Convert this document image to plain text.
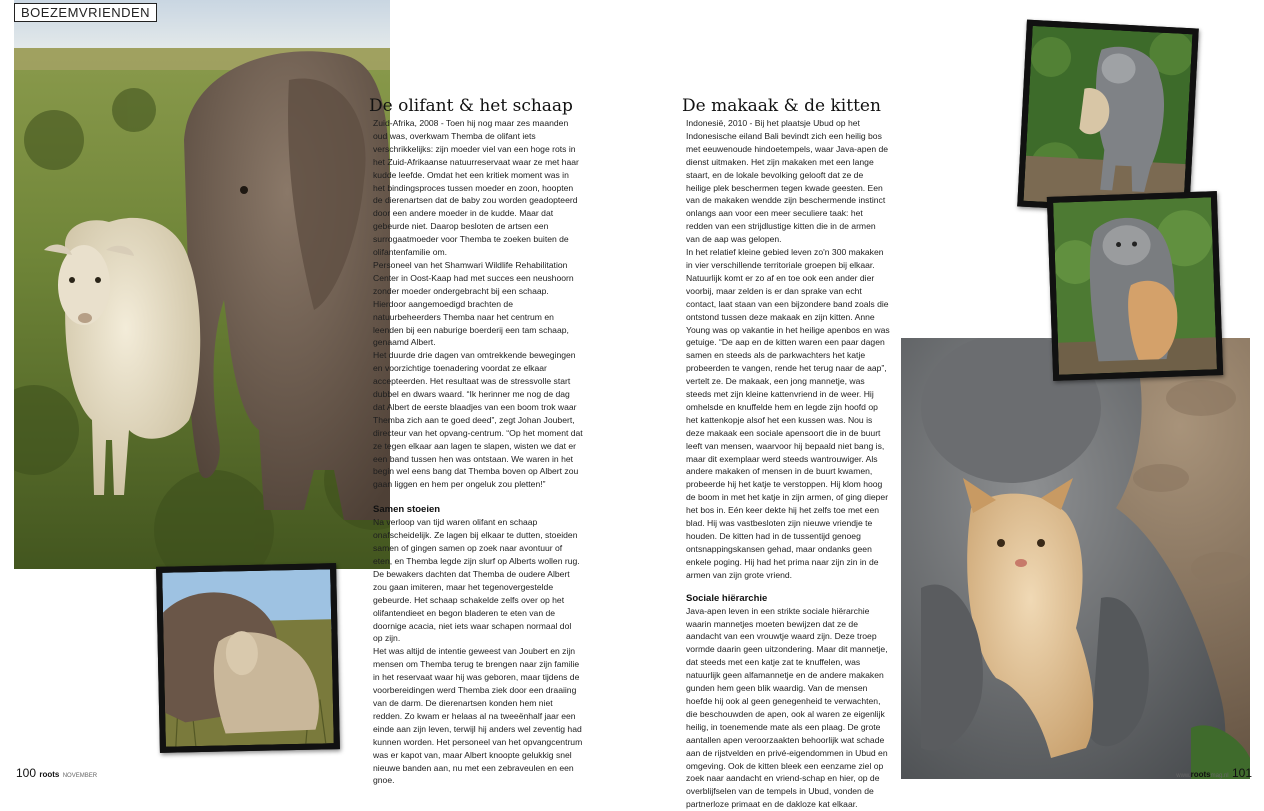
BOEZEMVRIENDEN
De olifant & het schaap

Zuid-Afrika, 2008 - Toen hij nog maar zes maanden oud was, overkwam Themba de olifant iets verschrikkelijks: zijn moeder viel van een hoge rots in het Zuid-Afrikaanse natuurreservaat waar ze met haar kudde leefde. Omdat het een kritiek moment was in het bindingsproces tussen moeder en zoon, hoopten de dierenartsen dat de baby zou worden geadopteerd door een andere moeder in de kudde. Maar dat gebeurde niet. Daarop besloten de artsen een surrogaatmoeder voor Themba te zoeken buiten de olifantenfamilie om.

Personeel van het Shamwari Wildlife Rehabilitation Center in Oost-Kaap had met succes een neushoorn zonder moeder ondergebracht bij een schaap. Hierdoor aangemoedigd brachten de natuurbeheerders Themba naar het centrum en leenden bij een naburige boerderij een tam schaap, genaamd Albert.

Het duurde drie dagen van omtrekkende bewegingen en voorzichtige toenadering voordat ze elkaar accepteerden. Het resultaat was de stressvolle start dubbel en dwars waard. “Ik herinner me nog de dag dat Albert de eerste blaadjes van een boom trok waar Themba zich aan te goed deed”, zegt Johan Joubert, directeur van het opvang-centrum. “Op het moment dat ze tegen elkaar aan lagen te slapen, wisten we dat er een band tussen hen was ontstaan. We waren in het begin wel eens bang dat Themba boven op Albert zou gaan liggen en hem per ongeluk zou pletten!”

Samen stoeien

Na verloop van tijd waren olifant en schaap onafscheidelijk. Ze lagen bij elkaar te dutten, stoeiden samen of gingen samen op zoek naar avontuur of eten, en Themba legde zijn slurf op Alberts wollen rug. De bewakers dachten dat Themba de oudere Albert zou gaan imiteren, maar het tegenovergestelde gebeurde. Het schaap schakelde zelfs over op het olifantendieet en begon bladeren te eten van de doornige acacia, niet iets waar schapen normaal dol op zijn.

Het was altijd de intentie geweest van Joubert en zijn mensen om Themba terug te brengen naar zijn familie in het reservaat waar hij was geboren, maar tijdens de voorbereidingen werd Themba ziek door een draaiing van de darm. De dierenartsen konden hem niet redden. Zo kwam er helaas al na tweeënhalf jaar een einde aan zijn leven, terwijl hij anders wel zeventig had kunnen worden. Het personeel van het opvangcentrum was er kapot van, maar Albert knoopte gelukkig snel nieuwe banden aan, nu met een zebraveulen en een gnoe.

De makaak & de kitten

Indonesië, 2010 - Bij het plaatsje Ubud op het Indonesische eiland Bali bevindt zich een heilig bos met eeuwenoude hindoetempels, waar Java-apen de dienst uitmaken. Het zijn makaken met een lange staart, en de lokale bevolking gelooft dat ze de heilige plek beschermen tegen kwade geesten. Een van de makaken wendde zijn beschermende instinct onlangs aan voor een meer seculiere taak: het redden van een strijdlustige kitten die in de armen van de aap was gelopen.

In het relatief kleine gebied leven zo'n 300 makaken in vier verschillende territoriale groepen bij elkaar. Natuurlijk komt er zo af en toe ook een ander dier voorbij, maar zelden is er dan sprake van echt contact, laat staan van een bijzondere band zoals die ontstond tussen deze makaak en zijn kitten. Anne Young was op vakantie in het heilige apenbos en was getuige. “De aap en de kitten waren een paar dagen samen en steeds als de parkwachters het katje probeerden te vangen, rende het terug naar de aap”, vertelt ze. De makaak, een jong mannetje, was steeds met zijn kleine kattenvriend in de weer. Hij omhelsde en knuffelde hem en legde zijn hoofd op het kattenkopje alsof het een kussen was. Nou is deze makaak een sociale apensoort die in de buurt leeft van mensen, waarvoor hij bepaald niet bang is, maar dit exemplaar werd steeds wantrouwiger. Als andere makaken of mensen in de buurt kwamen, probeerde hij het katje te verstoppen. Hij klom hoog de boom in met het katje in zijn armen, of ging dieper het bos in. Eén keer dekte hij het zelfs toe met een blad. Hij was vastbesloten zijn nieuwe vriendje te houden. De kitten had in de tussentijd genoeg ontsnappingskansen gehad, maar ondanks geen enkele poging. Hij had het prima naar zijn zin in de armen van zijn grote vriend.

Sociale hiërarchie

Java-apen leven in een strikte sociale hiërarchie waarin mannetjes moeten bewijzen dat ze de aandacht van een vrouwtje waard zijn. Deze troep vormde daarin geen uitzondering. Maar dit mannetje, dat steeds met een katje zat te knuffelen, was natuurlijk geen alfamannetje en de andere makaken gunden hem geen blik waardig. Van de mensen hoefde hij ook al geen genegenheid te verwachten, die beschouwden de apen, ook al waren ze eigenlijk heilig, in toenemende mate als een plaag. De grote aantallen apen veroorzaakten behoorlijk wat schade aan de rijstvelden en privé-eigendommen in Ubud en omgeving. Ook de kitten bleek een eenzame ziel op zoek naar aandacht en vriend-schap en hier, op de overblijfselen van de tempels in Ubud, vonden de partnerloze primaat en de dakloze kat elkaar.

100 roots NOVEMBER	www.rootsmag.nl 101
